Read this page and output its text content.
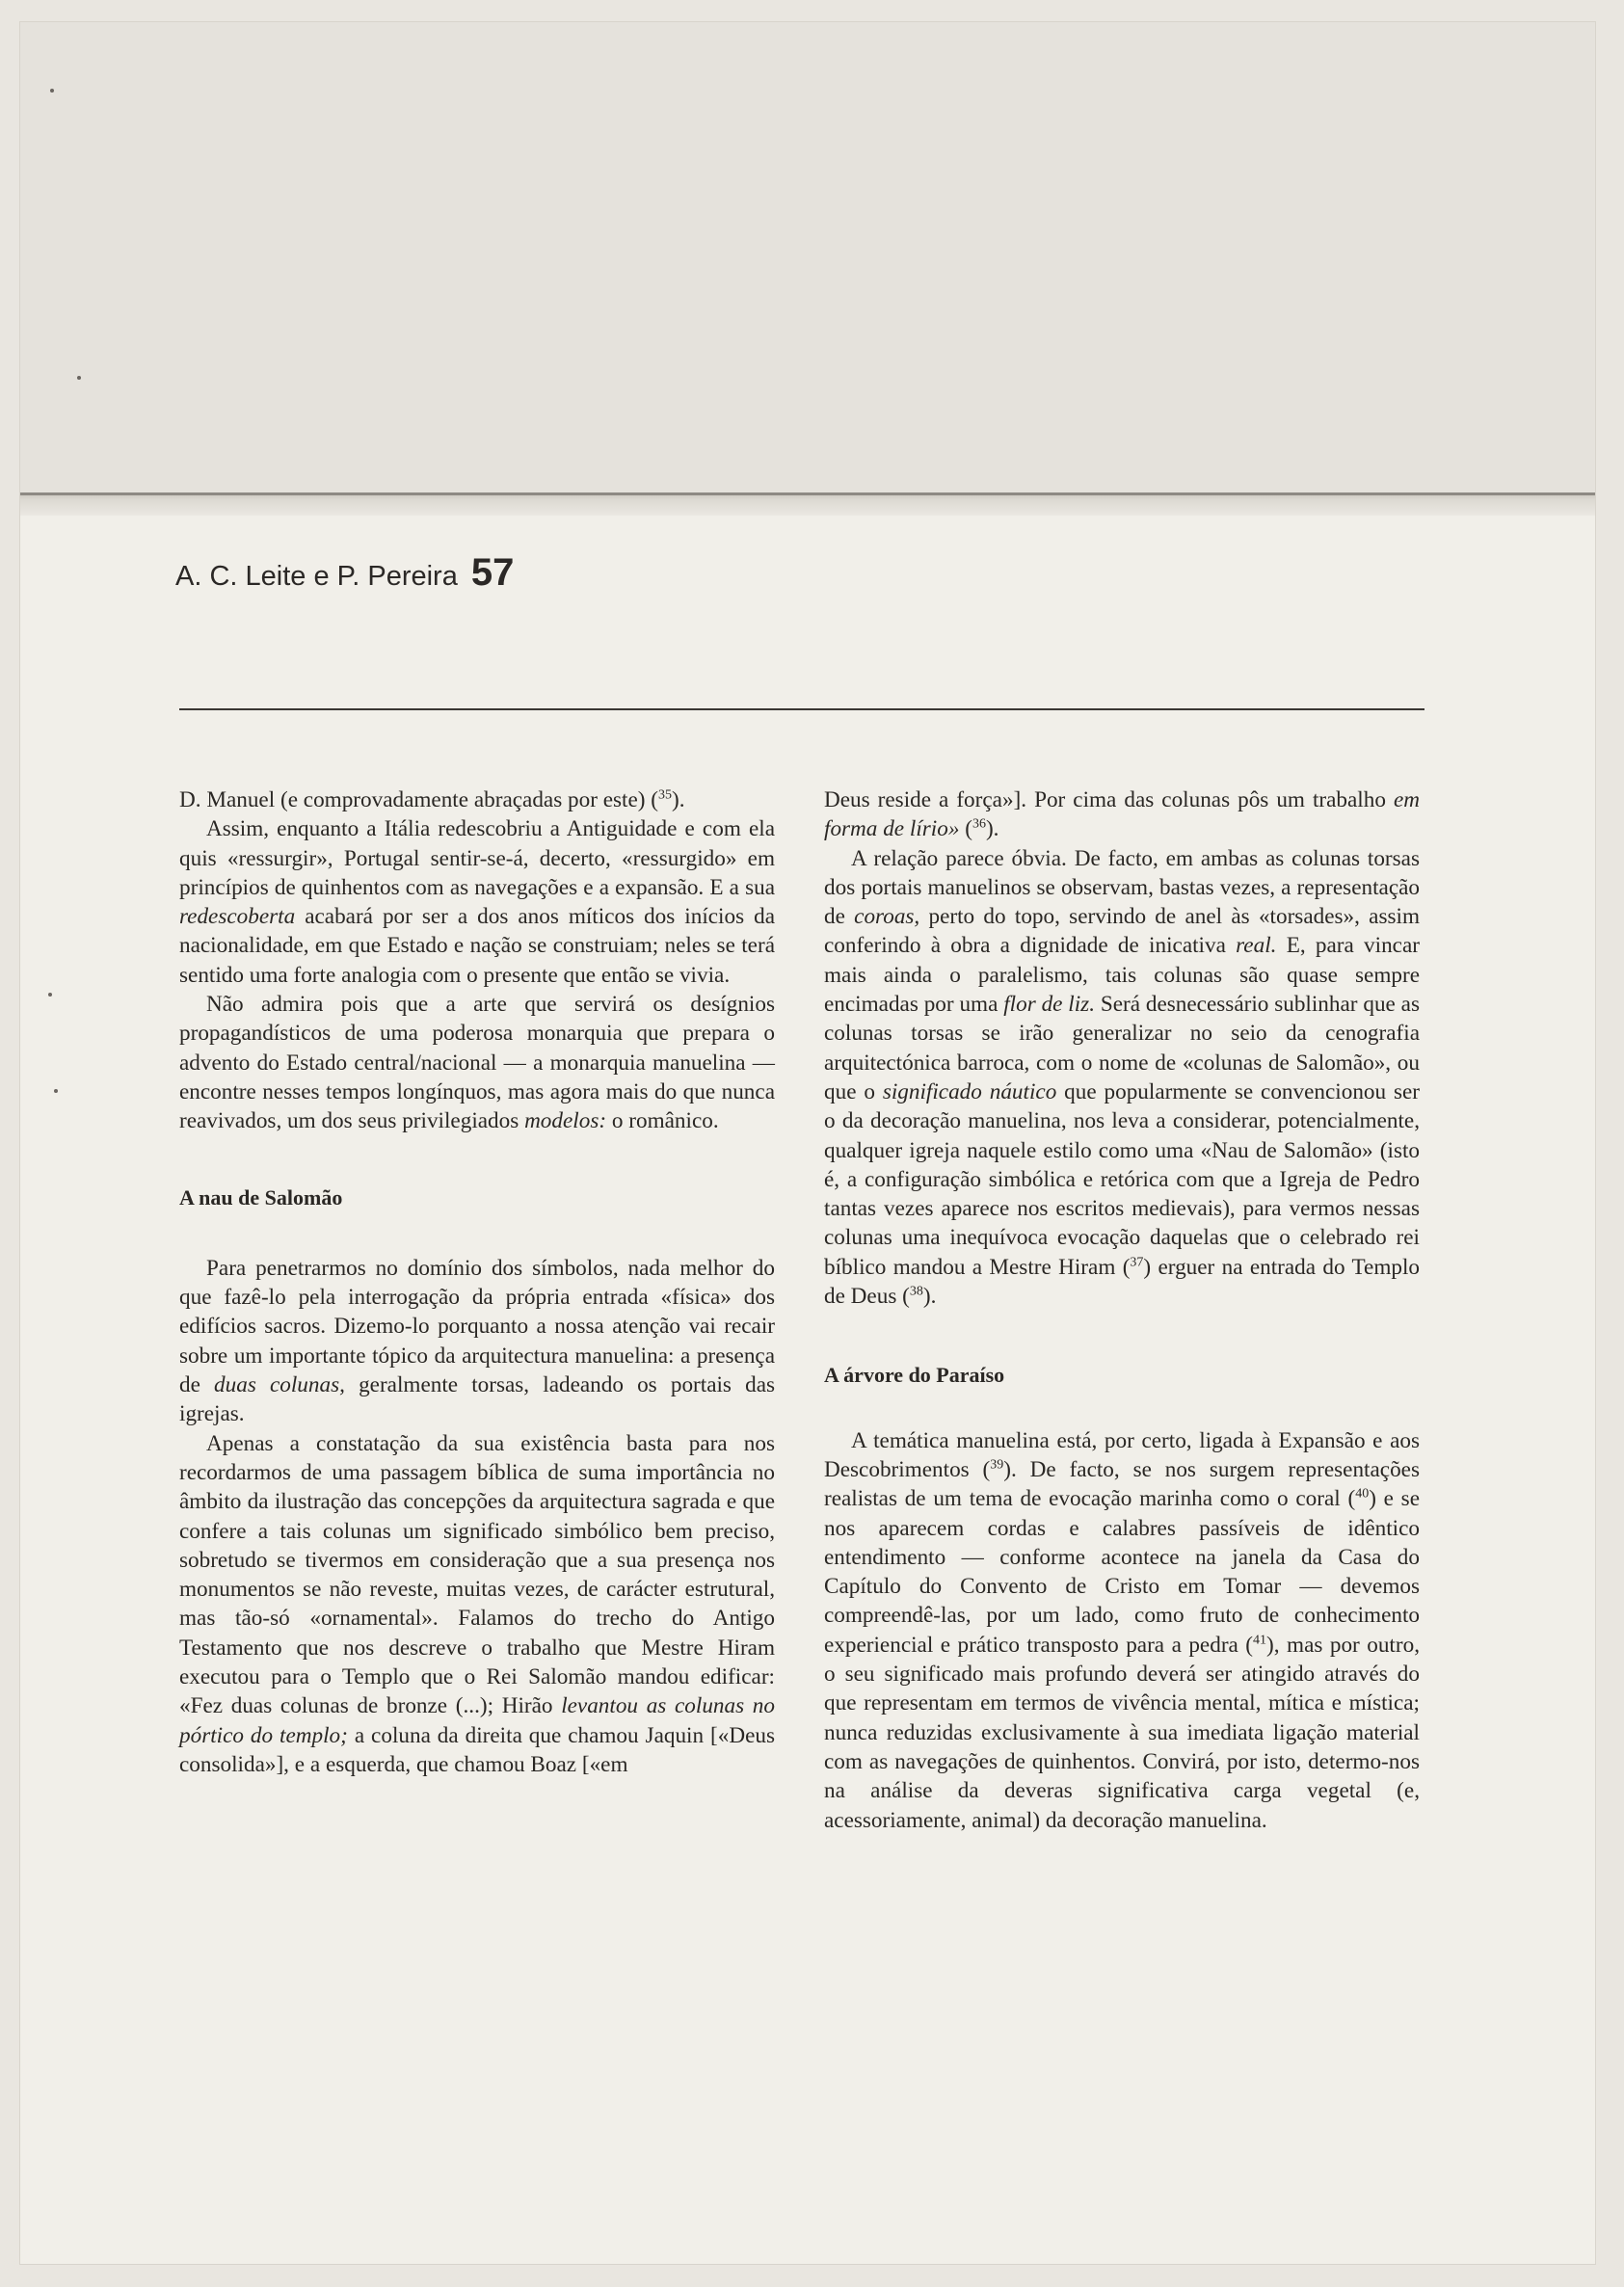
A. C. Leite e P. Pereira 57

D. Manuel (e comprovadamente abraçadas por este) ($^{35}$).

Assim, enquanto a Itália redescobriu a Antiguidade e com ela quis «ressurgir», Portugal sentir-se-á, decerto, «ressurgido» em princípios de quinhentos com as navegações e a expansão. E a sua redescoberta acabará por ser a dos anos míticos dos inícios da nacionalidade, em que Estado e nação se construiam; neles se terá sentido uma forte analogia com o presente que então se vivia.

Não admira pois que a arte que servirá os desígnios propagandísticos de uma poderosa monarquia que prepara o advento do Estado central/nacional — a monarquia manuelina — encontre nesses tempos longínquos, mas agora mais do que nunca reavivados, um dos seus privilegiados modelos: o românico.

A nau de Salomão

Para penetrarmos no domínio dos símbolos, nada melhor do que fazê-lo pela interrogação da própria entrada «física» dos edifícios sacros. Dizemo-lo porquanto a nossa atenção vai recair sobre um importante tópico da arquitectura manuelina: a presença de duas colunas, geralmente torsas, ladeando os portais das igrejas.

Apenas a constatação da sua existência basta para nos recordarmos de uma passagem bíblica de suma importância no âmbito da ilustração das concepções da arquitectura sagrada e que confere a tais colunas um significado simbólico bem preciso, sobretudo se tivermos em consideração que a sua presença nos monumentos se não reveste, muitas vezes, de carácter estrutural, mas tão-só «ornamental». Falamos do trecho do Antigo Testamento que nos descreve o trabalho que Mestre Hiram executou para o Templo que o Rei Salomão mandou edificar: «Fez duas colunas de bronze (...); Hirão levantou as colunas no pórtico do templo; a coluna da direita que chamou Jaquin [«Deus consolida»], e a esquerda, que chamou Boaz [«em

Deus reside a força»]. Por cima das colunas pôs um trabalho em forma de lírio» ($^{36}$).

A relação parece óbvia. De facto, em ambas as colunas torsas dos portais manuelinos se observam, bastas vezes, a representação de coroas, perto do topo, servindo de anel às «torsades», assim conferindo à obra a dignidade de inicativa real. E, para vincar mais ainda o paralelismo, tais colunas são quase sempre encimadas por uma flor de liz. Será desnecessário sublinhar que as colunas torsas se irão generalizar no seio da cenografia arquitectónica barroca, com o nome de «colunas de Salomão», ou que o significado náutico que popularmente se convencionou ser o da decoração manuelina, nos leva a considerar, potencialmente, qualquer igreja naquele estilo como uma «Nau de Salomão» (isto é, a configuração simbólica e retórica com que a Igreja de Pedro tantas vezes aparece nos escritos medievais), para vermos nessas colunas uma inequívoca evocação daquelas que o celebrado rei bíblico mandou a Mestre Hiram ($^{37}$) erguer na entrada do Templo de Deus ($^{38}$).

A árvore do Paraíso

A temática manuelina está, por certo, ligada à Expansão e aos Descobrimentos ($^{39}$). De facto, se nos surgem representações realistas de um tema de evocação marinha como o coral ($^{40}$) e se nos aparecem cordas e calabres passíveis de idêntico entendimento — conforme acontece na janela da Casa do Capítulo do Convento de Cristo em Tomar — devemos compreendê-las, por um lado, como fruto de conhecimento experiencial e prático transposto para a pedra ($^{41}$), mas por outro, o seu significado mais profundo deverá ser atingido através do que representam em termos de vivência mental, mítica e mística; nunca reduzidas exclusivamente à sua imediata ligação material com as navegações de quinhentos. Convirá, por isto, determo-nos na análise da deveras significativa carga vegetal (e, acessoriamente, animal) da decoração manuelina.
